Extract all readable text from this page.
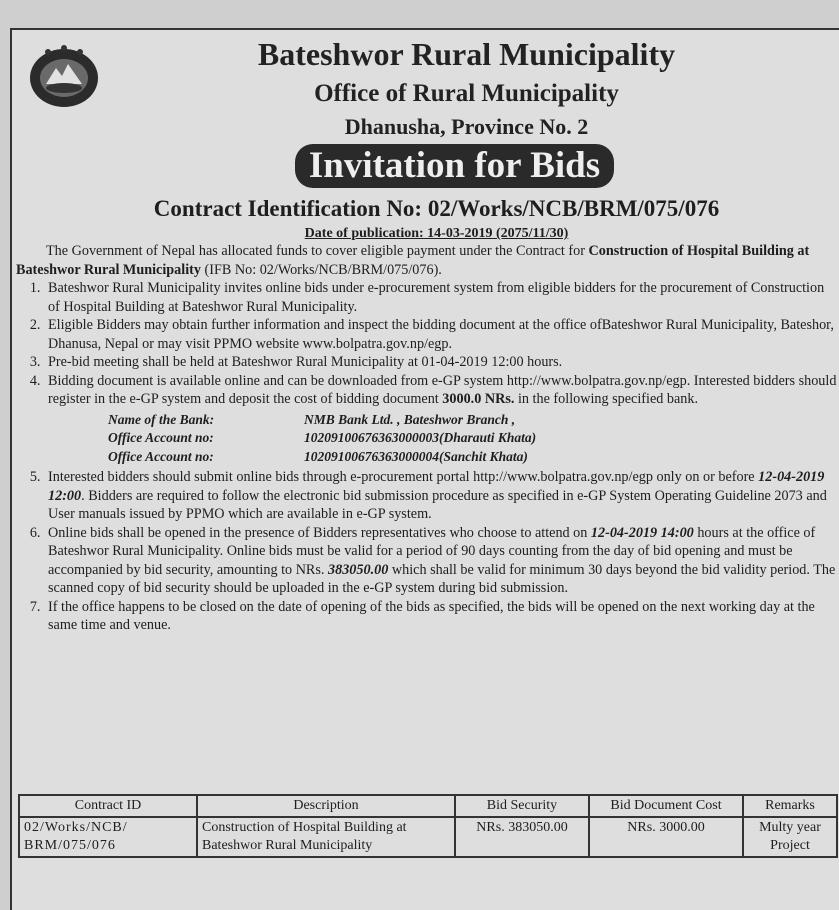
Bateshwor Rural Municipality
Office of Rural Municipality
Dhanusha, Province No. 2
Invitation for Bids
Contract Identification No: 02/Works/NCB/BRM/075/076
Date of publication: 14-03-2019 (2075/11/30)

The Government of Nepal has allocated funds to cover eligible payment under the Contract for Construction of Hospital Building at Bateshwor Rural Municipality (IFB No: 02/Works/NCB/BRM/075/076).

1. Bateshwor Rural Municipality invites online bids under e-procurement system from eligible bidders for the procurement of Construction of Hospital Building at Bateshwor Rural Municipality.
2. Eligible Bidders may obtain further information and inspect the bidding document at the office ofBateshwor Rural Municipality, Bateshor, Dhanusa, Nepal or may visit PPMO website www.bolpatra.gov.np/egp.
3. Pre-bid meeting shall be held at Bateshwor Rural Municipality at 01-04-2019 12:00 hours.
4. Bidding document is available online and can be downloaded from e-GP system http://www.bolpatra.gov.np/egp. Interested bidders should register in the e-GP system and deposit the cost of bidding document 3000.0 NRs. in the following specified bank.
Name of the Bank:	NMB Bank Ltd. , Bateshwor Branch ,
Office Account no:	10209100676363000003(Dharauti Khata)
Office Account no:	10209100676363000004(Sanchit Khata)
5. Interested bidders should submit online bids through e-procurement portal http://www.bolpatra.gov.np/egp only on or before 12-04-2019 12:00. Bidders are required to follow the electronic bid submission procedure as specified in e-GP System Operating Guideline 2073 and User manuals issued by PPMO which are available in e-GP system.
6. Online bids shall be opened in the presence of Bidders representatives who choose to attend on 12-04-2019 14:00 hours at the office of Bateshwor Rural Municipality. Online bids must be valid for a period of 90 days counting from the day of bid opening and must be accompanied by bid security, amounting to NRs. 383050.00 which shall be valid for minimum 30 days beyond the bid validity period. The scanned copy of bid security should be uploaded in the e-GP system during bid submission.
7. If the office happens to be closed on the date of opening of the bids as specified, the bids will be opened on the next working day at the same time and venue.
Contract ID	Description	Bid Security	Bid Document Cost	Remarks
02/Works/NCB/ BRM/075/076	Construction of Hospital Building at Bateshwor Rural Municipality	NRs. 383050.00	NRs. 3000.00	Multy year Project
